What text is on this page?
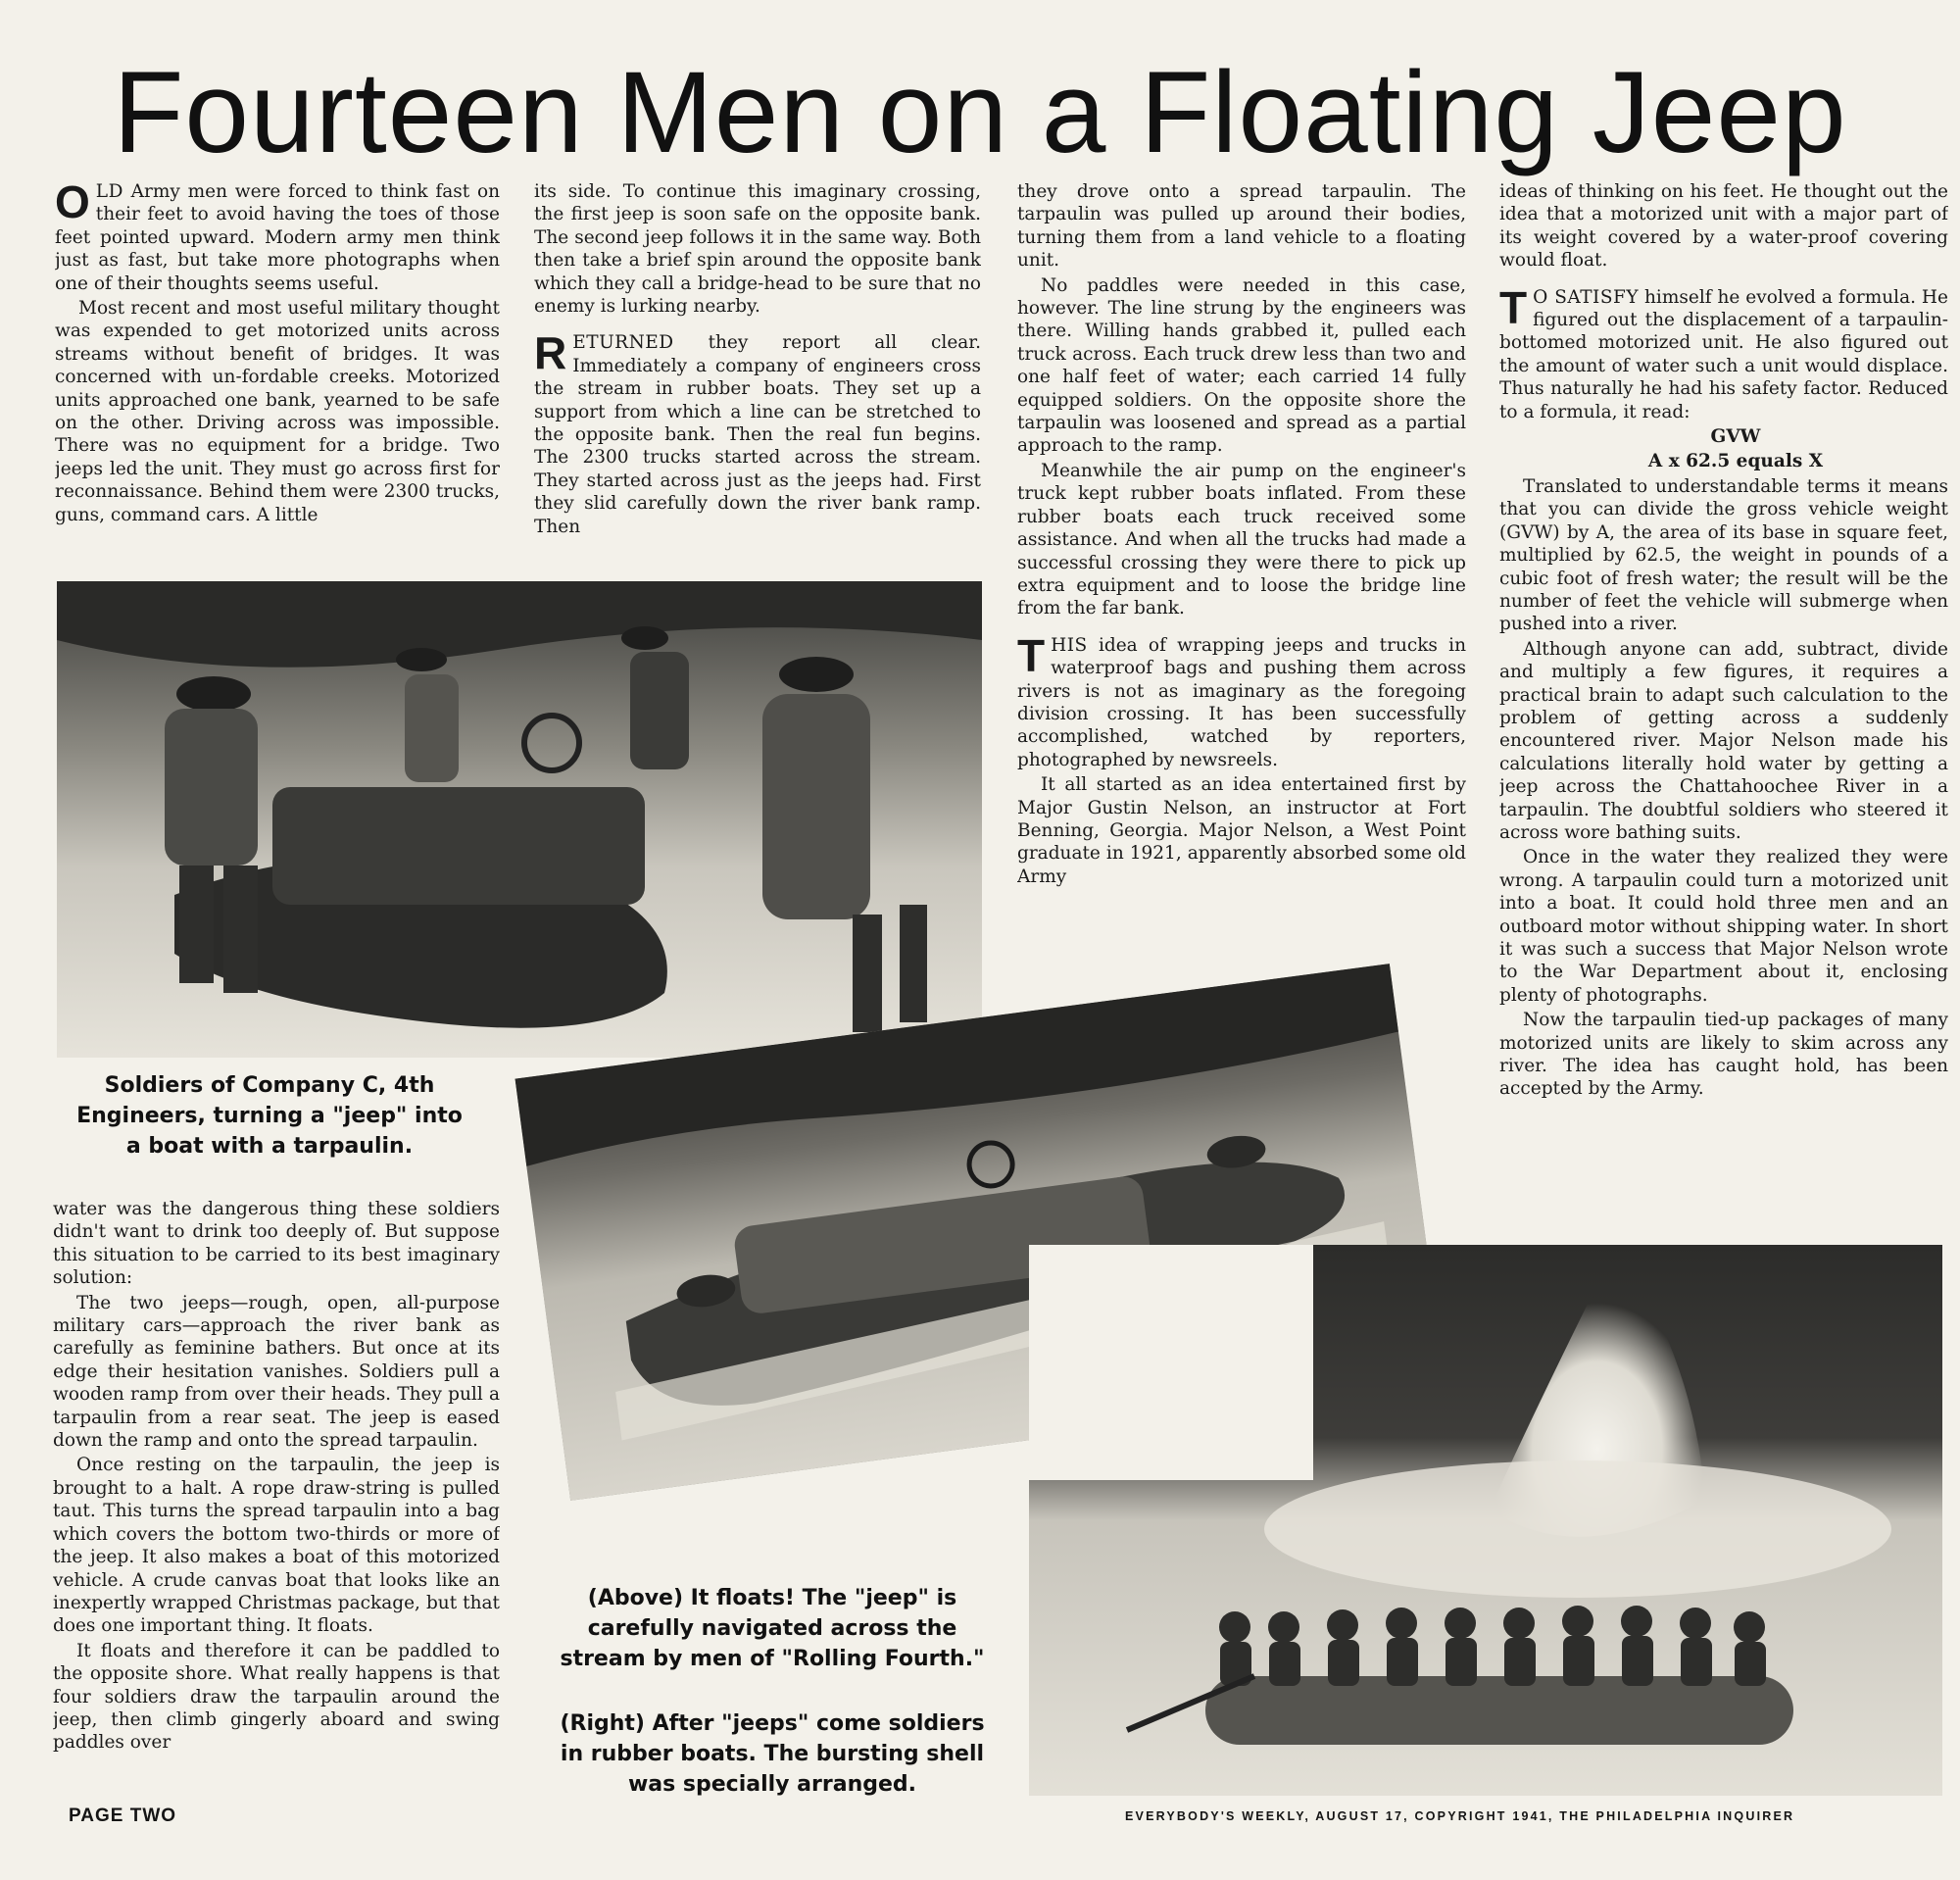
Fourteen Men on a Floating Jeep

OLD Army men were forced to think fast on their feet to avoid having the toes of those feet pointed upward. Modern army men think just as fast, but take more photographs when one of their thoughts seems useful.

Most recent and most useful military thought was expended to get motorized units across streams without benefit of bridges. It was concerned with un-fordable creeks. Motorized units approached one bank, yearned to be safe on the other. Driving across was impossible. There was no equipment for a bridge. Two jeeps led the unit. They must go across first for reconnaissance. Behind them were 2300 trucks, guns, command cars. A little

its side. To continue this imaginary crossing, the first jeep is soon safe on the opposite bank. The second jeep follows it in the same way. Both then take a brief spin around the opposite bank which they call a bridge-head to be sure that no enemy is lurking nearby.

RETURNED they report all clear. Immediately a company of engineers cross the stream in rubber boats. They set up a support from which a line can be stretched to the opposite bank. Then the real fun begins. The 2300 trucks started across the stream. They started across just as the jeeps had. First they slid carefully down the river bank ramp. Then

they drove onto a spread tarpaulin. The tarpaulin was pulled up around their bodies, turning them from a land vehicle to a floating unit.

No paddles were needed in this case, however. The line strung by the engineers was there. Willing hands grabbed it, pulled each truck across. Each truck drew less than two and one half feet of water; each carried 14 fully equipped soldiers. On the opposite shore the tarpaulin was loosened and spread as a partial approach to the ramp.

Meanwhile the air pump on the engineer's truck kept rubber boats inflated. From these rubber boats each truck received some assistance. And when all the trucks had made a successful crossing they were there to pick up extra equipment and to loose the bridge line from the far bank.

THIS idea of wrapping jeeps and trucks in waterproof bags and pushing them across rivers is not as imaginary as the foregoing division crossing. It has been successfully accomplished, watched by reporters, photographed by newsreels.

It all started as an idea entertained first by Major Gustin Nelson, an instructor at Fort Benning, Georgia. Major Nelson, a West Point graduate in 1921, apparently absorbed some old Army

ideas of thinking on his feet. He thought out the idea that a motorized unit with a major part of its weight covered by a water-proof covering would float.

T O SATISFY himself he evolved a formula. He figured out the displacement of a tarpaulin-bottomed motorized unit. He also figured out the amount of water such a unit would displace. Thus naturally he had his safety factor. Reduced to a formula, it read:

GVW

A x 62.5 equals X

Translated to understandable terms it means that you can divide the gross vehicle weight (GVW) by A, the area of its base in square feet, multiplied by 62.5, the weight in pounds of a cubic foot of fresh water; the result will be the number of feet the vehicle will submerge when pushed into a river.

Although anyone can add, subtract, divide and multiply a few figures, it requires a practical brain to adapt such calculation to the problem of getting across a suddenly encountered river. Major Nelson made his calculations literally hold water by getting a jeep across the Chattahoochee River in a tarpaulin. The doubtful soldiers who steered it across wore bathing suits.

Once in the water they realized they were wrong. A tarpaulin could turn a motorized unit into a boat. It could hold three men and an outboard motor without shipping water. In short it was such a success that Major Nelson wrote to the War Department about it, enclosing plenty of photographs.

Now the tarpaulin tied-up packages of many motorized units are likely to skim across any river. The idea has caught hold, has been accepted by the Army.

water was the dangerous thing these soldiers didn't want to drink too deeply of. But suppose this situation to be carried to its best imaginary solution:

The two jeeps—rough, open, all-purpose military cars—approach the river bank as carefully as feminine bathers. But once at its edge their hesitation vanishes. Soldiers pull a wooden ramp from over their heads. They pull a tarpaulin from a rear seat. The jeep is eased down the ramp and onto the spread tarpaulin.

Once resting on the tarpaulin, the jeep is brought to a halt. A rope draw-string is pulled taut. This turns the spread tarpaulin into a bag which covers the bottom two-thirds or more of the jeep. It also makes a boat of this motorized vehicle. A crude canvas boat that looks like an inexpertly wrapped Christmas package, but that does one important thing. It floats.

It floats and therefore it can be paddled to the opposite shore. What really happens is that four soldiers draw the tarpaulin around the jeep, then climb gingerly aboard and swing paddles over

Soldiers of Company C, 4th Engineers, turning a "jeep" into a boat with a tarpaulin.

(Above) It floats! The "jeep" is carefully navigated across the stream by men of "Rolling Fourth."

(Right) After "jeeps" come soldiers in rubber boats. The bursting shell was specially arranged.

PAGE TWO	EVERYBODY'S WEEKLY, AUGUST 17, COPYRIGHT 1941, THE PHILADELPHIA INQUIRER
